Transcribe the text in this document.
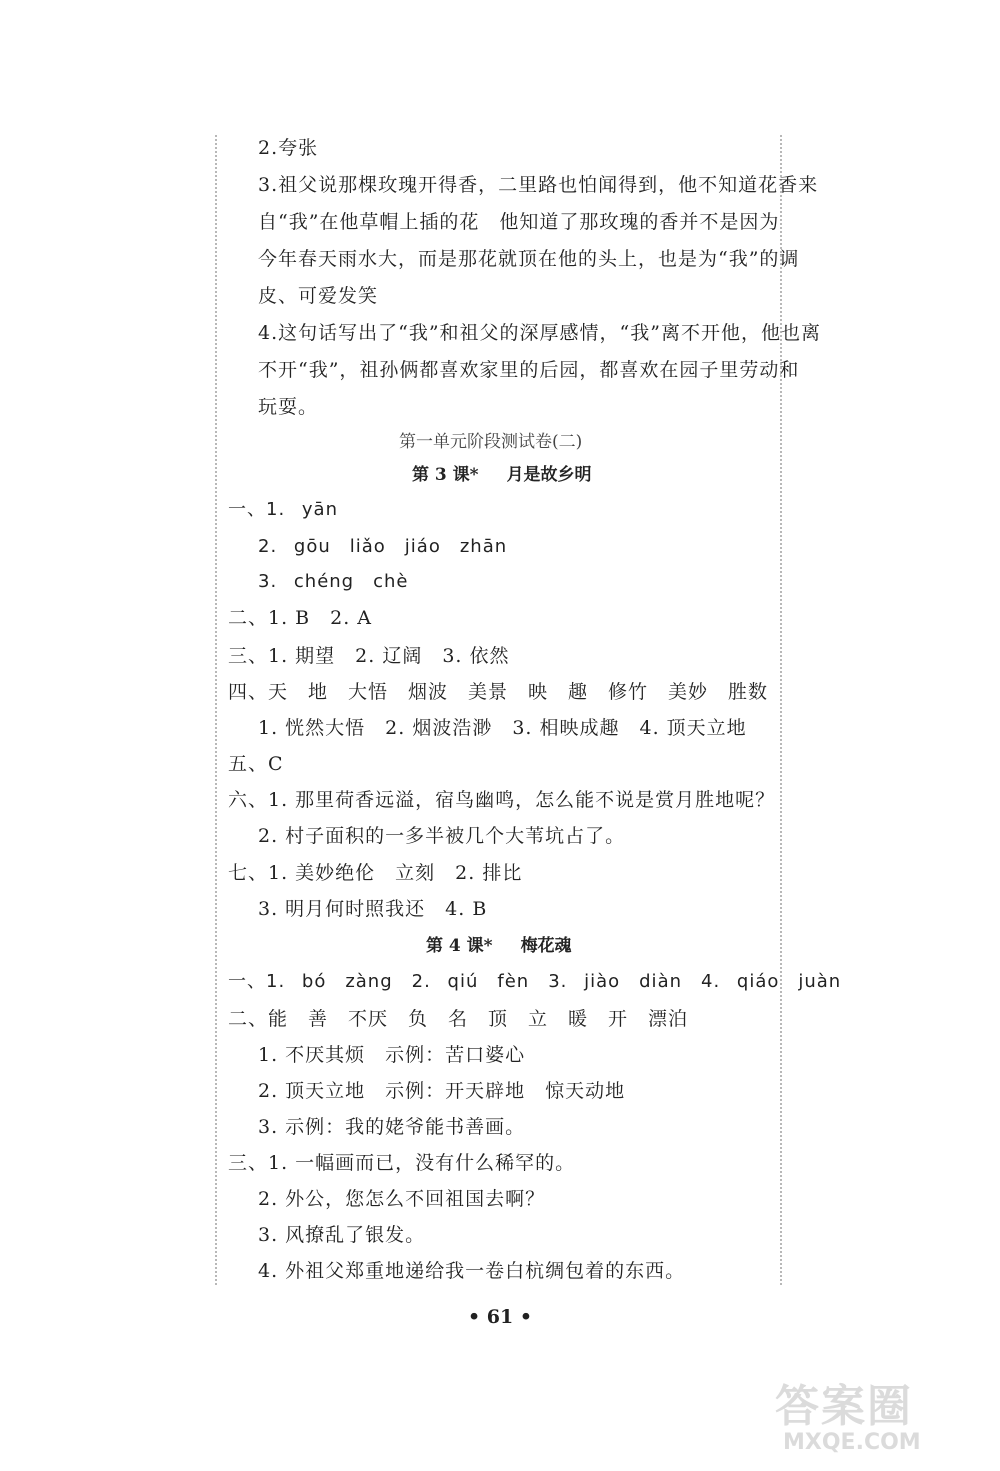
2.夸张
3.祖父说那棵玫瑰开得香，二里路也怕闻得到，他不知道花香来
自“我”在他草帽上插的花　他知道了那玫瑰的香并不是因为
今年春天雨水大，而是那花就顶在他的头上，也是为“我”的调
皮、可爱发笑
4.这句话写出了“我”和祖父的深厚感情，“我”离不开他，他也离
不开“我”，祖孙俩都喜欢家里的后园，都喜欢在园子里劳动和
玩耍。
第一单元阶段测试卷(二)
第 3 课* 月是故乡明
一、1. yān
2. gōu　liǎo　jiáo　zhān
3. chéng　chè
二、1. B　2. A
三、1. 期望　2. 辽阔　3. 依然
四、天　地　大悟　烟波　美景　映　趣　修竹　美妙　胜数
1. 恍然大悟　2. 烟波浩渺　3. 相映成趣　4. 顶天立地
五、C
六、1. 那里荷香远溢，宿鸟幽鸣，怎么能不说是赏月胜地呢？
2. 村子面积的一多半被几个大苇坑占了。
七、1. 美妙绝伦　立刻　2. 排比
3. 明月何时照我还　4. B
第 4 课* 梅花魂
一、1. bó　zàng　2. qiú　fèn　3. jiào　diàn　4. qiáo　juàn
二、能　善　不厌　负　名　顶　立　暖　开　漂泊
1. 不厌其烦　示例：苦口婆心
2. 顶天立地　示例：开天辟地　惊天动地
3. 示例：我的姥爷能书善画。
三、1. 一幅画而已，没有什么稀罕的。
2. 外公，您怎么不回祖国去啊？
3. 风撩乱了银发。
4. 外祖父郑重地递给我一卷白杭绸包着的东西。
• 61 •
答案圈
MXQE.COM
